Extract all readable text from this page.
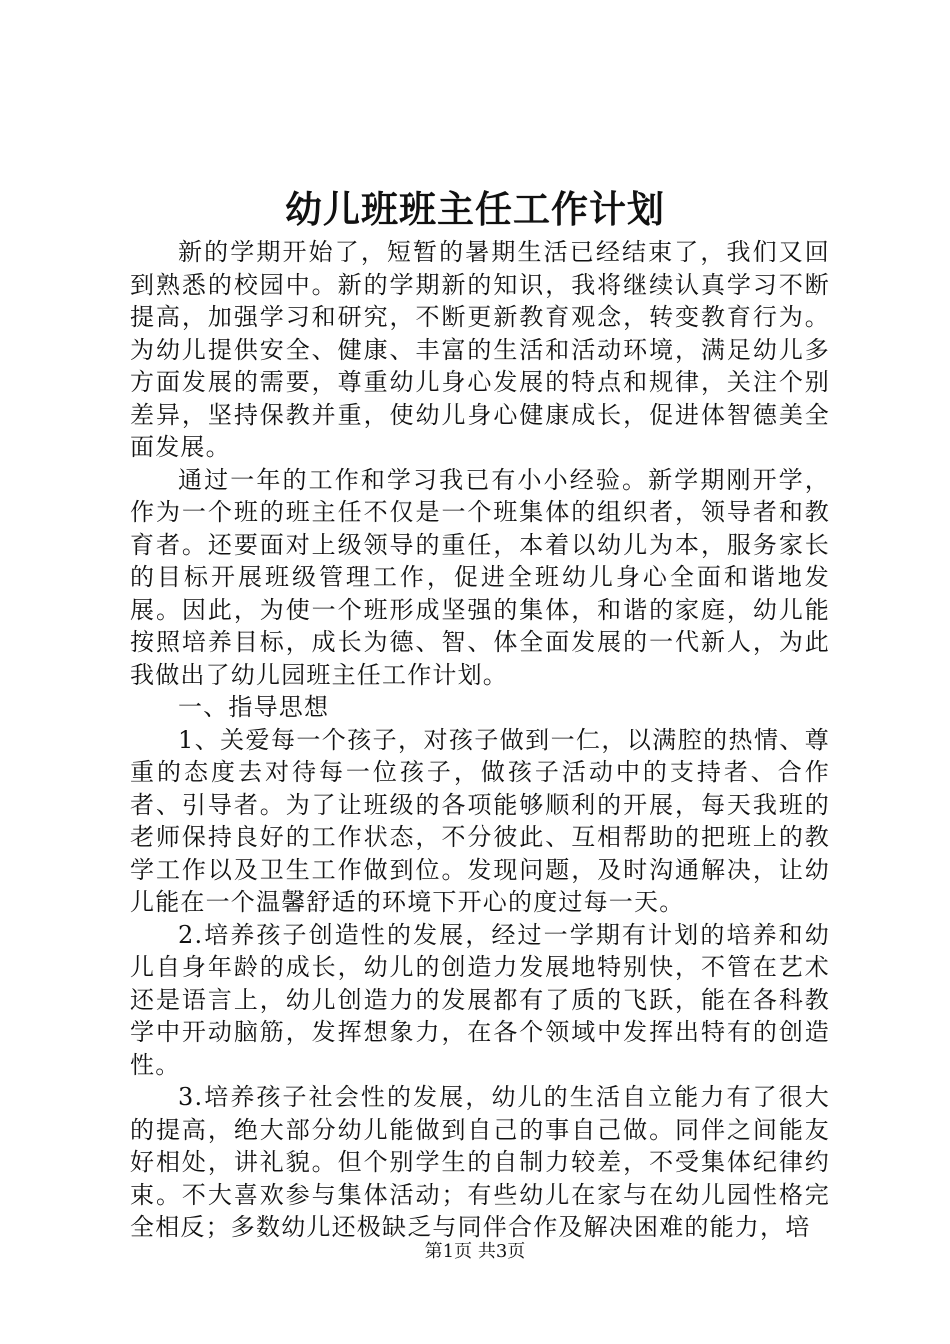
幼儿班班主任工作计划

新的学期开始了，短暂的暑期生活已经结束了，我们又回到熟悉的校园中。新的学期新的知识，我将继续认真学习不断提高，加强学习和研究，不断更新教育观念，转变教育行为。为幼儿提供安全、健康、丰富的生活和活动环境，满足幼儿多方面发展的需要，尊重幼儿身心发展的特点和规律，关注个别差异，坚持保教并重，使幼儿身心健康成长，促进体智德美全面发展。

通过一年的工作和学习我已有小小经验。新学期刚开学，作为一个班的班主任不仅是一个班集体的组织者，领导者和教育者。还要面对上级领导的重任，本着以幼儿为本，服务家长的目标开展班级管理工作，促进全班幼儿身心全面和谐地发展。因此，为使一个班形成坚强的集体，和谐的家庭，幼儿能按照培养目标，成长为德、智、体全面发展的一代新人，为此我做出了幼儿园班主任工作计划。

一、指导思想

1、关爱每一个孩子，对孩子做到一仁，以满腔的热情、尊重的态度去对待每一位孩子，做孩子活动中的支持者、合作者、引导者。为了让班级的各项能够顺利的开展，每天我班的老师保持良好的工作状态，不分彼此、互相帮助的把班上的教学工作以及卫生工作做到位。发现问题，及时沟通解决，让幼儿能在一个温馨舒适的环境下开心的度过每一天。

2.培养孩子创造性的发展，经过一学期有计划的培养和幼儿自身年龄的成长，幼儿的创造力发展地特别快，不管在艺术还是语言上，幼儿创造力的发展都有了质的飞跃，能在各科教学中开动脑筋，发挥想象力，在各个领域中发挥出特有的创造性。

3.培养孩子社会性的发展，幼儿的生活自立能力有了很大的提高，绝大部分幼儿能做到自己的事自己做。同伴之间能友好相处，讲礼貌。但个别学生的自制力较差，不受集体纪律约束。不大喜欢参与集体活动；有些幼儿在家与在幼儿园性格完全相反；多数幼儿还极缺乏与同伴合作及解决困难的能力，培

第1页 共3页
